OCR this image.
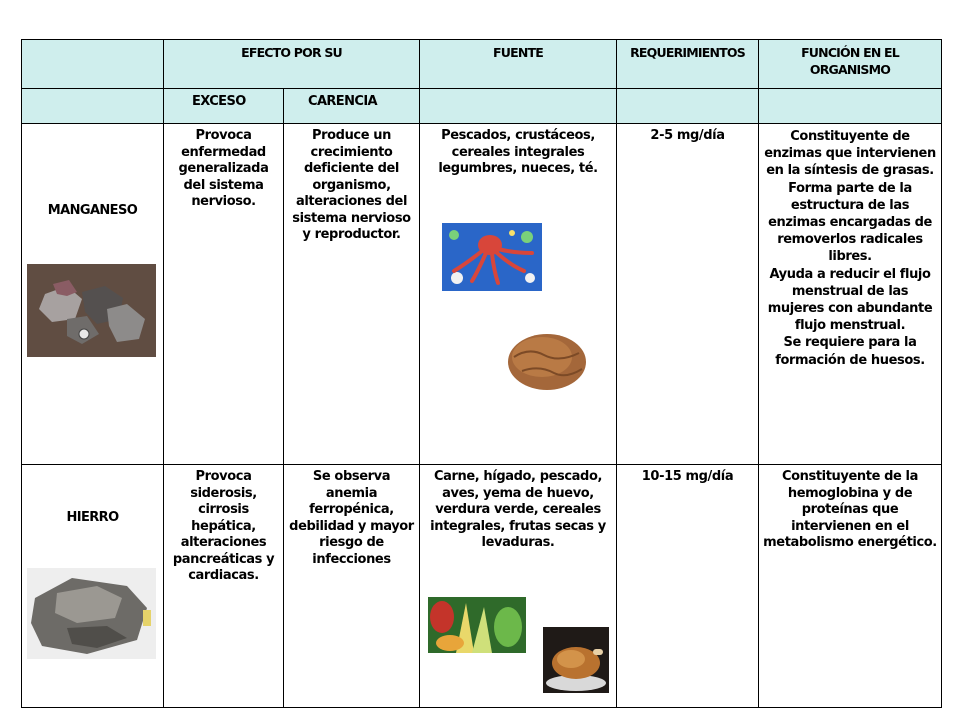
	EFECTO POR SU		FUENTE	REQUERIMIENTOS	FUNCIÓN EN EL ORGANISMO

	EXCESO	CARENCIA			

MANGANESO	Provoca enfermedad generalizada del sistema nervioso.	Produce un crecimiento deficiente del organismo, alteraciones del sistema nervioso y reproductor.	Pescados, crustáceos, cereales integrales legumbres, nueces, té.	2-5 mg/día	Constituyente de enzimas que intervienen en la síntesis de grasas.
Forma parte de la estructura de las enzimas encargadas de removerlos radicales libres.
Ayuda a reducir el flujo menstrual de las mujeres con abundante flujo menstrual.
Se requiere para la formación de huesos.

HIERRO	Provoca siderosis, cirrosis hepática, alteraciones pancreáticas y cardiacas.	Se observa anemia ferropénica, debilidad y mayor riesgo de infecciones	Carne, hígado, pescado, aves, yema de huevo, verdura verde, cereales integrales, frutas secas y levaduras.	10-15 mg/día	Constituyente de la hemoglobina y de proteínas que intervienen en el metabolismo energético.
